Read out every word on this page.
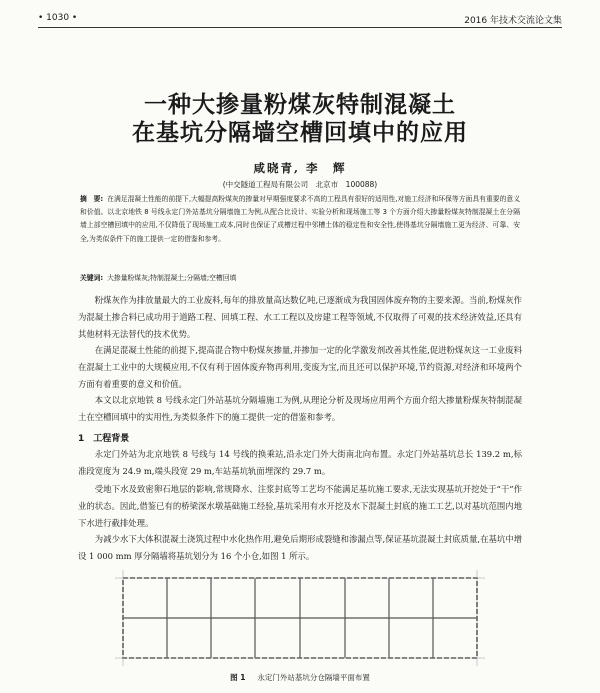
• 1030 •	2016 年技术交流论文集
一种大掺量粉煤灰特制混凝土
在基坑分隔墙空槽回填中的应用
咸晓青, 李　辉
(中交隧道工程局有限公司　北京市　100088)
摘　要: 在满足混凝土性能的前提下,大幅提高粉煤灰的掺量对早期强度要求不高的工程具有很好的适用性,对施工经济和环保等方面具有重要的意义和价值。以北京地铁 8 号线永定门外站基坑分隔墙施工为例,从配合比设计、实验分析和现场施工等 3 个方面介绍大掺量粉煤灰特制混凝土在分隔墙上部空槽回填中的应用,不仅降低了现场施工成本,同时也保证了成槽过程中邻槽土体的稳定性和安全性,使得基坑分隔墙施工更为经济、可靠、安全,为类似条件下的施工提供一定的借鉴和参考。
关键词: 大掺量粉煤灰;特制混凝土;分隔墙;空槽回填
粉煤灰作为排放量最大的工业废料,每年的排放量高达数亿吨,已逐渐成为我国固体废弃物的主要来源。当前,粉煤灰作为混凝土掺合料已成功用于道路工程、回填工程、水工工程以及房建工程等领域,不仅取得了可观的技术经济效益,还具有其他材料无法替代的技术优势。
在满足混凝土性能的前提下,提高混合物中粉煤灰掺量,并掺加一定的化学激发剂改善其性能,促进粉煤灰这一工业废料在混凝土工业中的大规模应用,不仅有利于固体废弃物再利用,变废为宝,而且还可以保护环境,节约资源,对经济和环境两个方面有着重要的意义和价值。
本文以北京地铁 8 号线永定门外站基坑分隔墙施工为例,从理论分析及现场应用两个方面介绍大掺量粉煤灰特制混凝土在空槽回填中的实用性,为类似条件下的施工提供一定的借鉴和参考。
1　工程背景
永定门外站为北京地铁 8 号线与 14 号线的换乘站,沿永定门外大街南北向布置。永定门外站基坑总长 139.2 m,标准段宽度为 24.9 m,端头段宽 29 m,车站基坑轨面埋深约 29.7 m。
受地下水及致密卵石地层的影响,常规降水、注浆封底等工艺均不能满足基坑施工要求,无法实现基坑开挖处于“干”作业的状态。因此,借鉴已有的桥梁深水墩基础施工经验,基坑采用有水开挖及水下混凝土封底的施工工艺,以对基坑范围内地下水进行截排处理。
为减少水下大体积混凝土浇筑过程中水化热作用,避免后期形成裂缝和渗漏点等,保证基坑混凝土封底质量,在基坑中增设 1 000 mm 厚分隔墙将基坑划分为 16 个小仓,如图 1 所示。
图 1 永定门外站基坑分仓隔墙平面布置
